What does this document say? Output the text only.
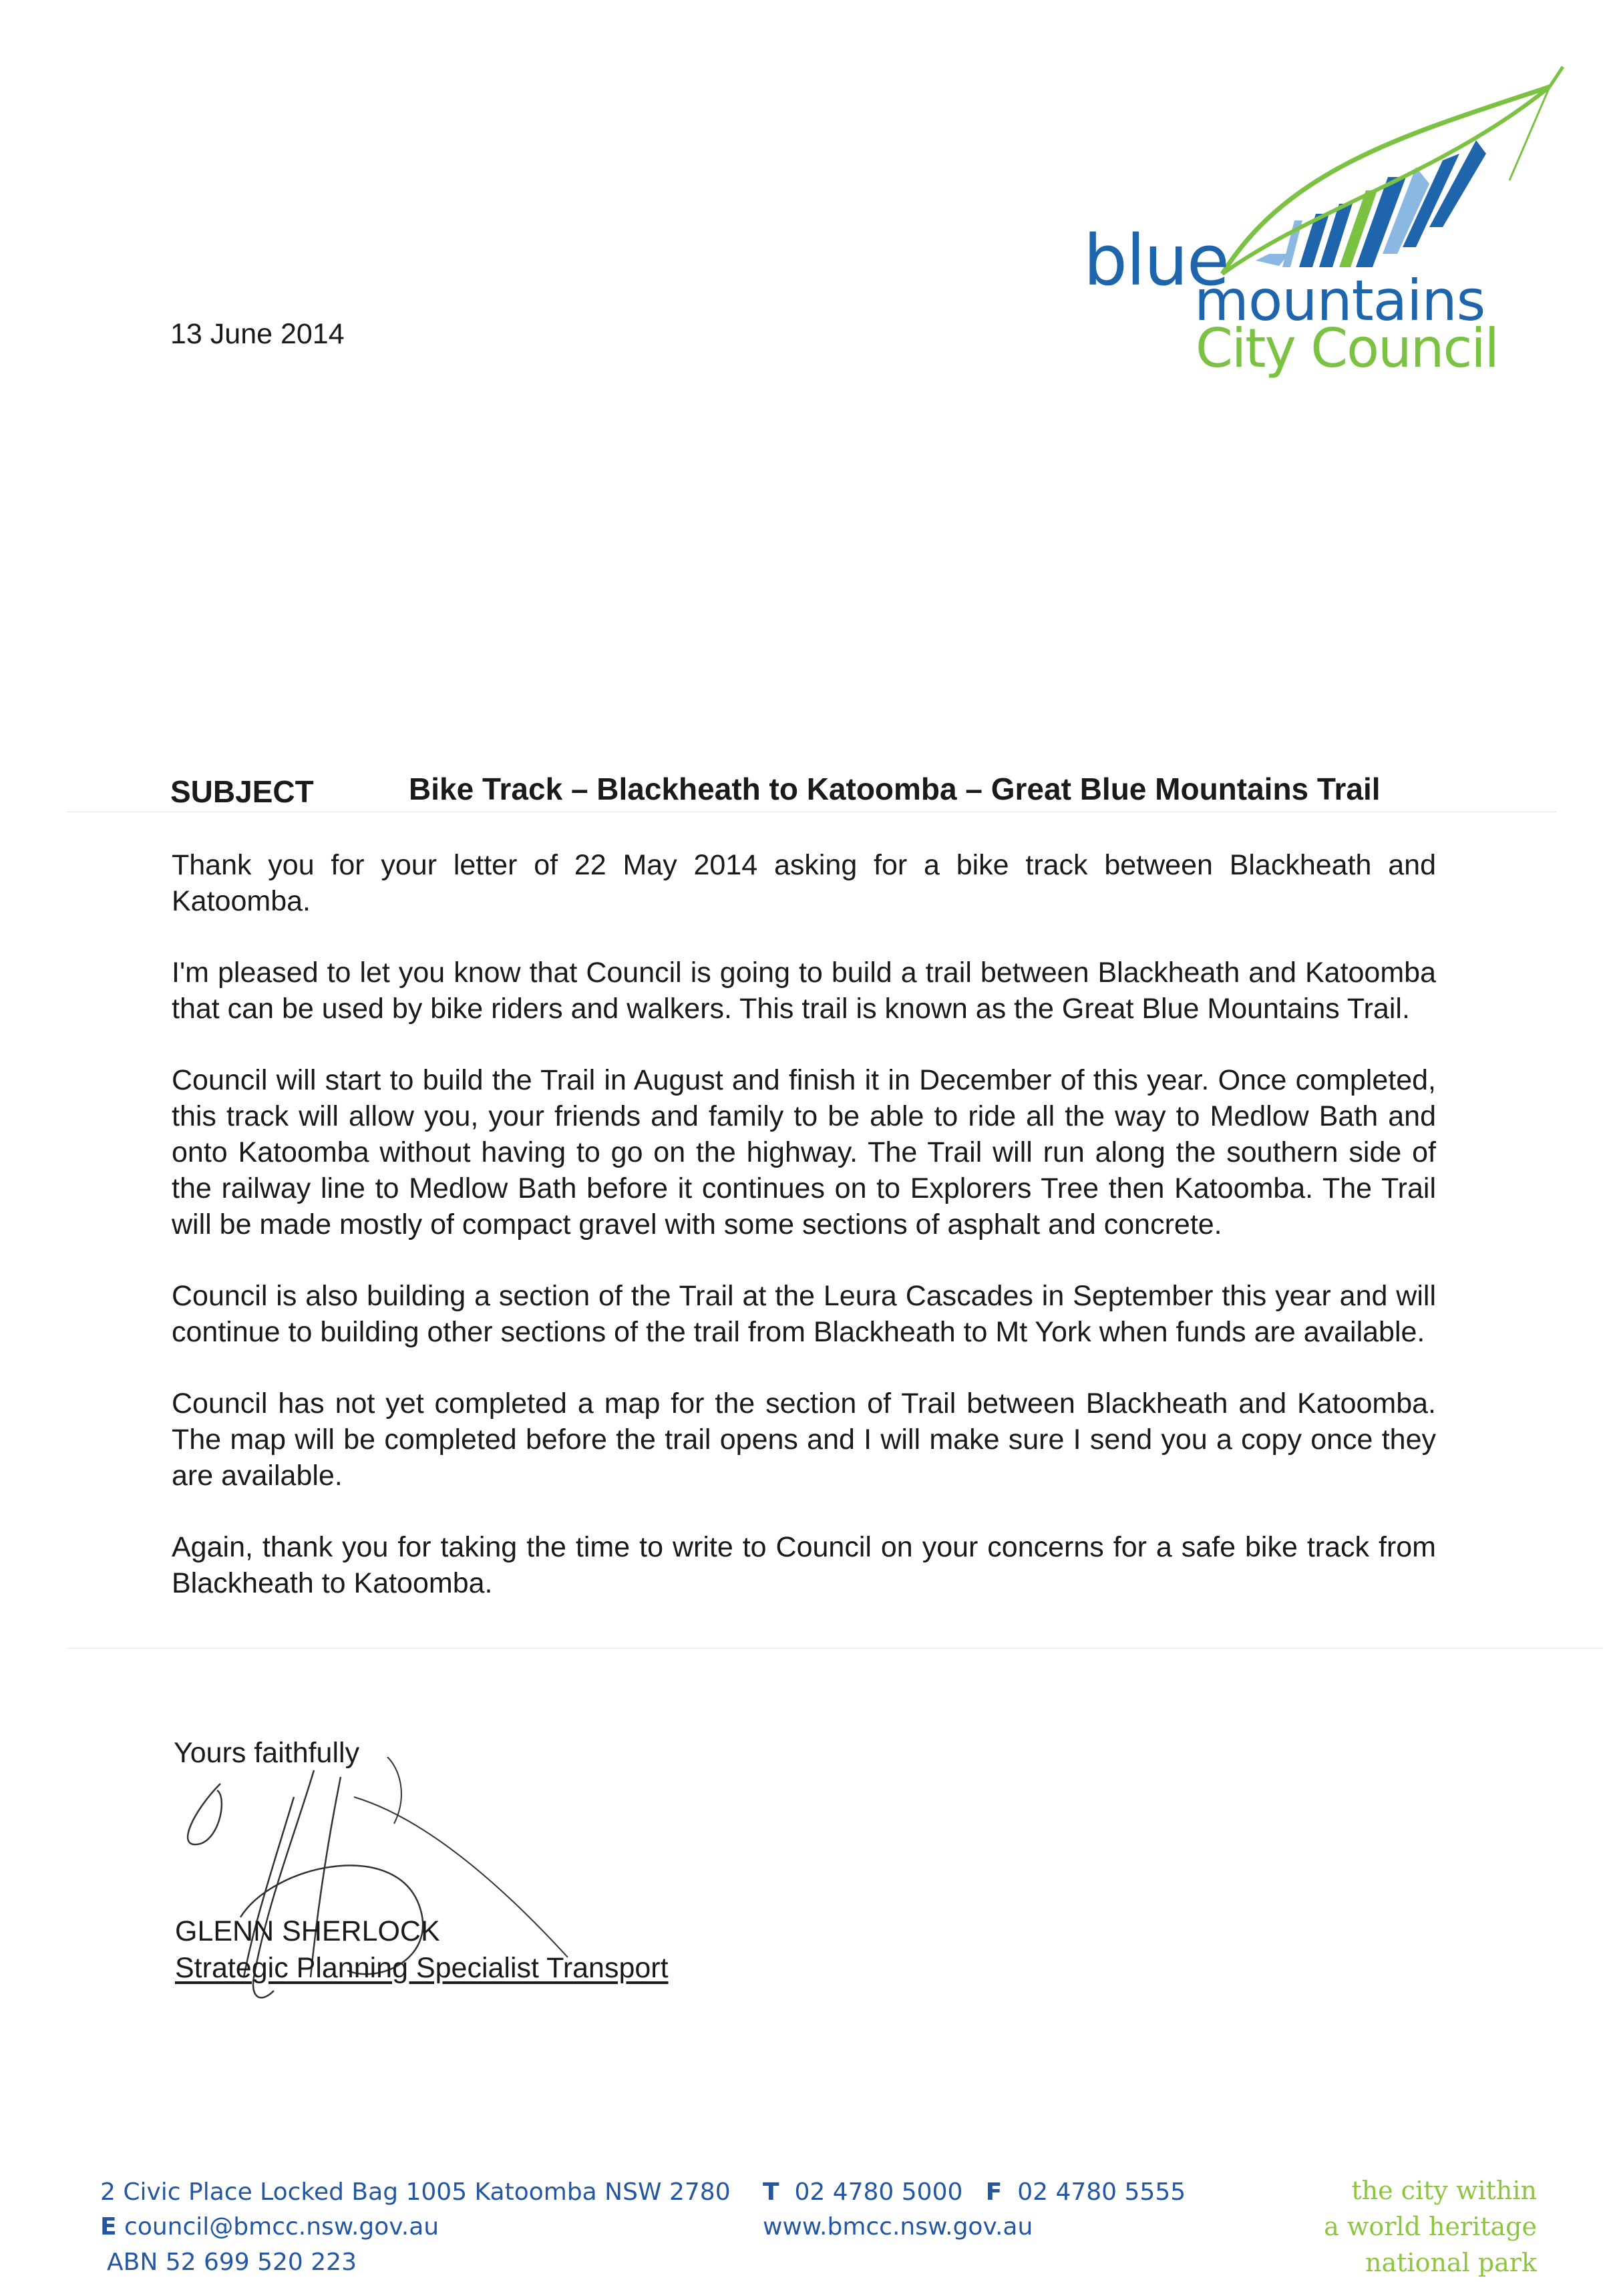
blue
mountains
City Council
13 June 2014
SUBJECT	Bike Track – Blackheath to Katoomba – Great Blue Mountains Trail

Thank you for your letter of 22 May 2014 asking for a bike track between Blackheath and Katoomba.

I'm pleased to let you know that Council is going to build a trail between Blackheath and Katoomba that can be used by bike riders and walkers. This trail is known as the Great Blue Mountains Trail.

Council will start to build the Trail in August and finish it in December of this year. Once completed, this track will allow you, your friends and family to be able to ride all the way to Medlow Bath and onto Katoomba without having to go on the highway. The Trail will run along the southern side of the railway line to Medlow Bath before it continues on to Explorers Tree then Katoomba. The Trail will be made mostly of compact gravel with some sections of asphalt and concrete.

Council is also building a section of the Trail at the Leura Cascades in September this year and will continue to building other sections of the trail from Blackheath to Mt York when funds are available.

Council has not yet completed a map for the section of Trail between Blackheath and Katoomba. The map will be completed before the trail opens and I will make sure I send you a copy once they are available.

Again, thank you for taking the time to write to Council on your concerns for a safe bike track from Blackheath to Katoomba.

Yours faithfully
GLENN SHERLOCK
Strategic Planning Specialist Transport
2 Civic Place Locked Bag 1005 Katoomba NSW 2780
E council@bmcc.nsw.gov.au
ABN 52 699 520 223
T 02 4780 5000 F 02 4780 5555
www.bmcc.nsw.gov.au
the city within
a world heritage
national park
